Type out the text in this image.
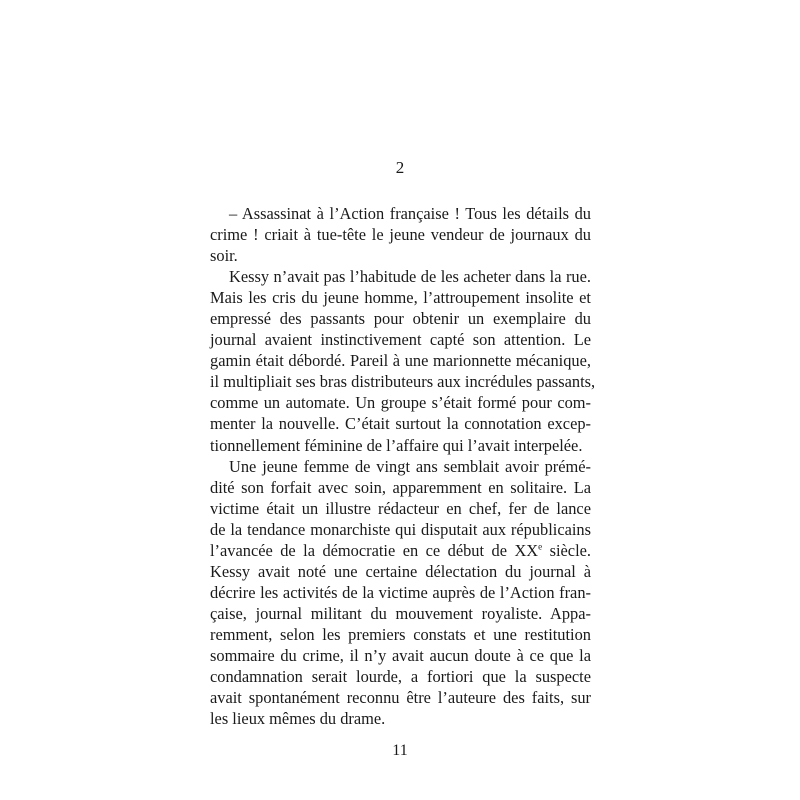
2
– Assassinat à l’Action française ! Tous les détails du
crime ! criait à tue-tête le jeune vendeur de journaux du
soir.
Kessy n’avait pas l’habitude de les acheter dans la rue.
Mais les cris du jeune homme, l’attroupement insolite et
empressé des passants pour obtenir un exemplaire du
journal avaient instinctivement capté son attention. Le
gamin était débordé. Pareil à une marionnette mécanique,
il multipliait ses bras distributeurs aux incrédules passants,
comme un automate. Un groupe s’était formé pour com-
menter la nouvelle. C’était surtout la connotation excep-
tionnellement féminine de l’affaire qui l’avait interpelée.
Une jeune femme de vingt ans semblait avoir prémé-
dité son forfait avec soin, apparemment en solitaire. La
victime était un illustre rédacteur en chef, fer de lance
de la tendance monarchiste qui disputait aux républicains
l’avancée de la démocratie en ce début de XXe siècle.
Kessy avait noté une certaine délectation du journal à
décrire les activités de la victime auprès de l’Action fran-
çaise, journal militant du mouvement royaliste. Appa-
remment, selon les premiers constats et une restitution
sommaire du crime, il n’y avait aucun doute à ce que la
condamnation serait lourde, a fortiori que la suspecte
avait spontanément reconnu être l’auteure des faits, sur
les lieux mêmes du drame.
11
